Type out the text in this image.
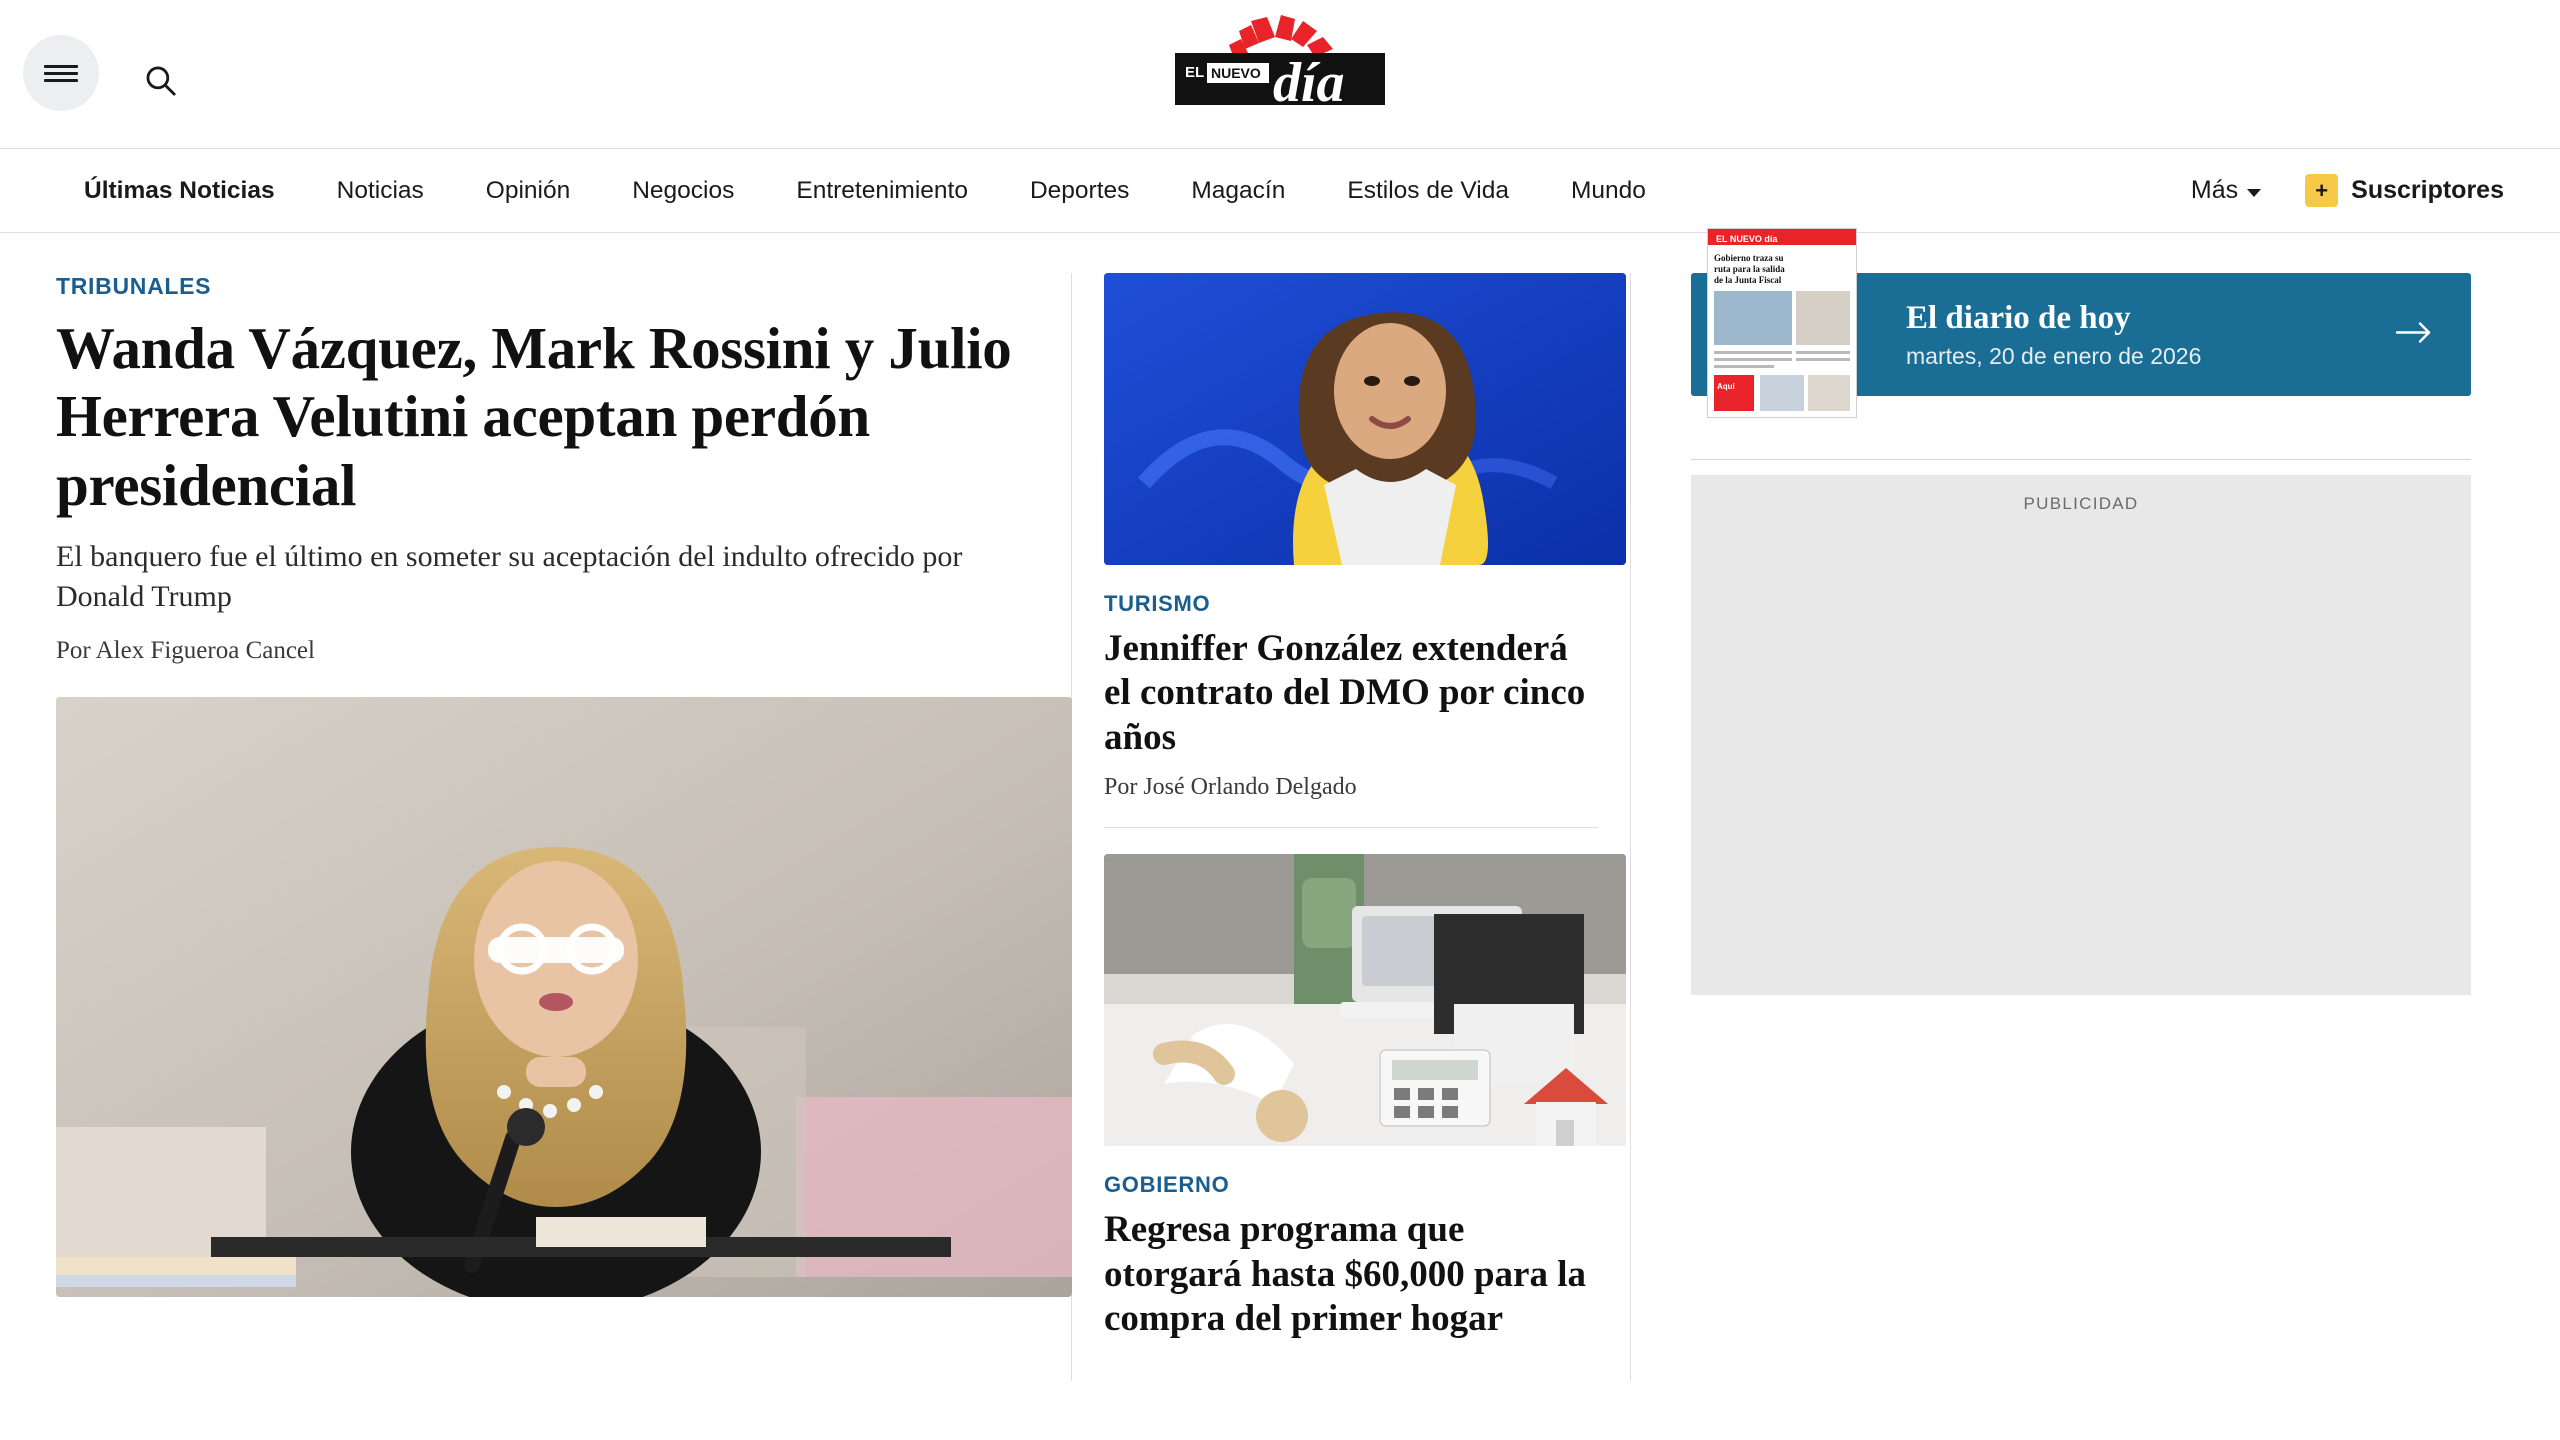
EL NUEVO día
Últimas Noticias	Noticias	Opinión	Negocios	Entretenimiento	Deportes	Magacín	Estilos de Vida	Mundo	Más	+ Suscriptores
TRIBUNALES
Wanda Vázquez, Mark Rossini y Julio Herrera Velutini aceptan perdón presidencial

El banquero fue el último en someter su aceptación del indulto ofrecido por Donald Trump

Por Alex Figueroa Cancel
TURISMO
Jenniffer González extenderá el contrato del DMO por cinco años
Por José Orlando Delgado
GOBIERNO
Regresa programa que otorgará hasta $60,000 para la compra del primer hogar
EL NUEVO día
Gobierno traza su
ruta para la salida
de la Junta Fiscal
Aquí
El diario de hoy
martes, 20 de enero de 2026
PUBLICIDAD
